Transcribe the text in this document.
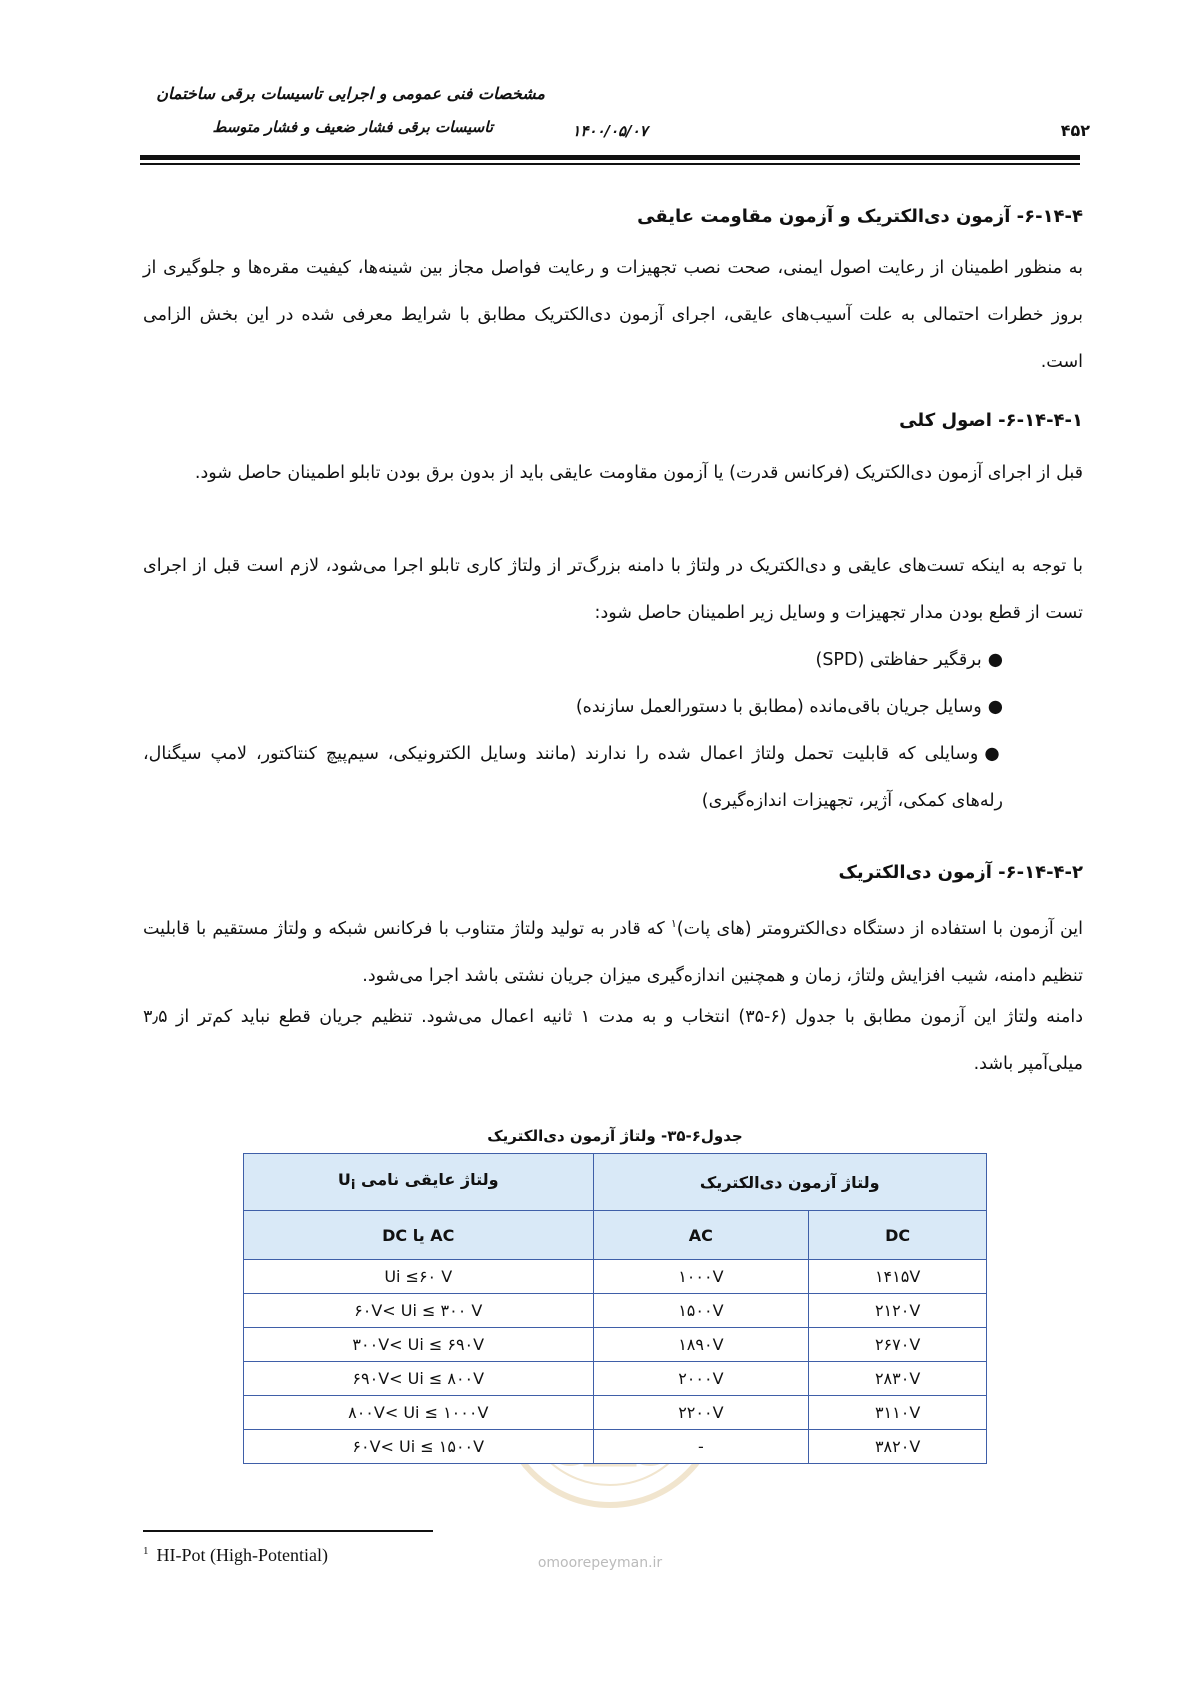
مشخصات فنی عمومی و اجرایی تاسیسات برقی ساختمان
تاسیسات برقی فشار ضعیف و فشار متوسط	۱۴۰۰/۰۵/۰۷	۴۵۲
۶-۱۴-۴- آزمون دی‌الکتریک و آزمون مقاومت عایقی
به منظور اطمینان از رعایت اصول ایمنی، صحت نصب تجهیزات و رعایت فواصل مجاز بین شینه‌ها، کیفیت مقره‌ها و جلوگیری از بروز خطرات احتمالی به علت آسیب‌های عایقی، اجرای آزمون دی‌الکتریک مطابق با شرایط معرفی شده در این بخش الزامی است.
۶-۱۴-۴-۱- اصول کلی
قبل از اجرای آزمون دی‌الکتریک (فرکانس قدرت) یا آزمون مقاومت عایقی باید از بدون برق بودن تابلو اطمینان حاصل شود.
با توجه به اینکه تست‌های عایقی و دی‌الکتریک در ولتاژ با دامنه بزرگ‌تر از ولتاژ کاری تابلو اجرا می‌شود، لازم است قبل از اجرای تست از قطع بودن مدار تجهیزات و وسایل زیر اطمینان حاصل شود:
●برقگیر حفاظتی (SPD)
●وسایل جریان باقی‌مانده (مطابق با دستورالعمل سازنده)
●وسایلی که قابلیت تحمل ولتاژ اعمال شده را ندارند (مانند وسایل الکترونیکی، سیم‌پیچ کنتاکتور، لامپ سیگنال، رله‌های کمکی، آژیر، تجهیزات اندازه‌گیری)
۶-۱۴-۴-۲- آزمون دی‌الکتریک
این آزمون با استفاده از دستگاه دی‌الکترومتر (های پات)$^۱$ که قادر به تولید ولتاژ متناوب با فرکانس شبکه و ولتاژ مستقیم با قابلیت تنظیم دامنه، شیب افزایش ولتاژ، زمان و همچنین اندازه‌گیری میزان جریان نشتی باشد اجرا می‌شود.
دامنه ولتاژ این آزمون مطابق با جدول (۶-۳۵) انتخاب و به مدت ۱ ثانیه اعمال می‌شود. تنظیم جریان قطع نباید کم‌تر از ۳٫۵ میلی‌آمپر باشد.
omoorepeyman.ir
جدول۶-۳۵- ولتاژ آزمون دی‌الکتریک
ولتاژ عایقی نامی $U_i$	ولتاژ آزمون دی‌الکتریک	
AC یا DC	AC	DC
Ui ≤۶۰ V	۱۰۰۰V	۱۴۱۵V
۶۰V< Ui ≤ ۳۰۰ V	۱۵۰۰V	۲۱۲۰V
۳۰۰V< Ui ≤ ۶۹۰V	۱۸۹۰V	۲۶۷۰V
۶۹۰V< Ui ≤ ۸۰۰V	۲۰۰۰V	۲۸۳۰V
۸۰۰V< Ui ≤ ۱۰۰۰V	۲۲۰۰V	۳۱۱۰V
۶۰V< Ui ≤ ۱۵۰۰V	-	۳۸۲۰V
$^1$ HI-Pot (High-Potential)
